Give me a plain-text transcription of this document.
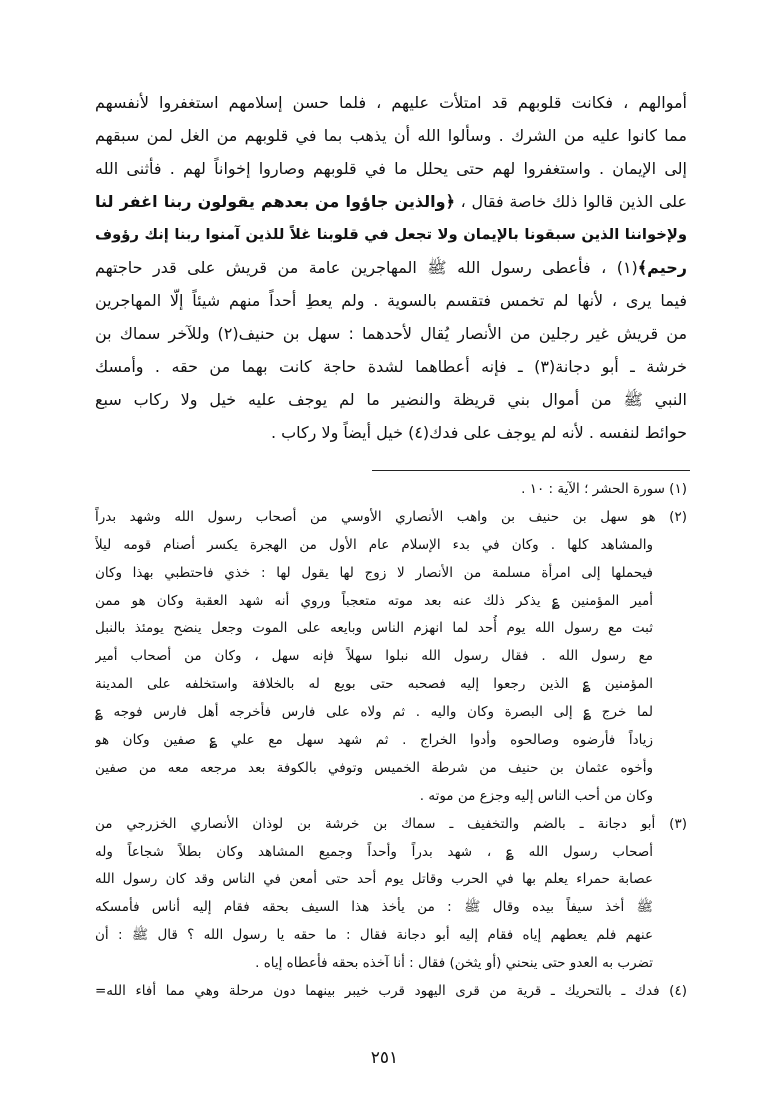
أموالهم ، فكانت قلوبهم قد امتلأت عليهم ، فلما حسن إسلامهم استغفروا لأنفسهم
مما كانوا عليه من الشرك . وسألوا الله أن يذهب بما في قلوبهم من الغل لمن سبقهم
إلى الإيمان . واستغفروا لهم حتى يحلل ما في قلوبهم وصاروا إخواناً لهم . فأثنى الله
على الذين قالوا ذلك خاصة فقال ، ﴿والذين جاؤوا من بعدهم يقولون ربنا اغفر لنا
ولإخواننا الذين سبقونا بالإيمان ولا تجعل في قلوبنا غلاً للذين آمنوا ربنا إنك رؤوف
رحيم﴾(١) ، فأعطى رسول الله ﷺ المهاجرين عامة من قريش على قدر حاجتهم
فيما يرى ، لأنها لم تخمس فتقسم بالسوية . ولم يعطِ أحداً منهم شيئاً إلّا المهاجرين
من قريش غير رجلين من الأنصار يُقال لأحدهما : سهل بن حنيف(٢) وللآخر سماك بن
خرشة ـ أبو دجانة(٣) ـ فإنه أعطاهما لشدة حاجة كانت بهما من حقه . وأمسك
النبي ﷺ من أموال بني قريظة والنضير ما لم يوجف عليه خيل ولا ركاب سبع
حوائط لنفسه . لأنه لم يوجف على فدك(٤) خيل أيضاً ولا ركاب .
(١) سورة الحشر ؛ الآية : ١٠ .
(٢) هو سهل بن حنيف بن واهب الأنصاري الأوسي من أصحاب رسول الله وشهد بدراً
والمشاهد كلها . وكان في بدء الإسلام عام الأول من الهجرة يكسر أصنام قومه ليلاً
فيحملها إلى امرأة مسلمة من الأنصار لا زوج لها يقول لها : خذي فاحتطبي بهذا وكان
أمير المؤمنين ؏ يذكر ذلك عنه بعد موته متعجباً وروي أنه شهد العقبة وكان هو ممن
ثبت مع رسول الله يوم أُحد لما انهزم الناس وبايعه على الموت وجعل ينضح يومئذ بالنبل
مع رسول الله . فقال رسول الله نبلوا سهلاً فإنه سهل ، وكان من أصحاب أمير
المؤمنين ؏ الذين رجعوا إليه فصحبه حتى بويع له بالخلافة واستخلفه على المدينة
لما خرج ؏ إلى البصرة وكان واليه . ثم ولاه على فارس فأخرجه أهل فارس فوجه ؏
زياداً فأرضوه وصالحوه وأدوا الخراج . ثم شهد سهل مع علي ؏ صفين وكان هو
وأخوه عثمان بن حنيف من شرطة الخميس وتوفي بالكوفة بعد مرجعه معه من صفين
وكان من أحب الناس إليه وجزع من موته .
(٣) أبو دجانة ـ بالضم والتخفيف ـ سماك بن خرشة بن لوذان الأنصاري الخزرجي من
أصحاب رسول الله ؏ ، شهد بدراً وأحداً وجميع المشاهد وكان بطلاً شجاعاً وله
عصابة حمراء يعلم بها في الحرب وقاتل يوم أحد حتى أمعن في الناس وقد كان رسول الله
ﷺ أخذ سيفاً بيده وقال ﷺ : من يأخذ هذا السيف بحقه فقام إليه أناس فأمسكه
عنهم فلم يعطهم إياه فقام إليه أبو دجانة فقال : ما حقه يا رسول الله ؟ قال ﷺ : أن
تضرب به العدو حتى ينحني (أو يثخن) فقال : أنا آخذه بحقه فأعطاه إياه .
(٤) فدك ـ بالتحريك ـ قرية من قرى اليهود قرب خيبر بينهما دون مرحلة وهي مما أفاء الله=
٢٥١
